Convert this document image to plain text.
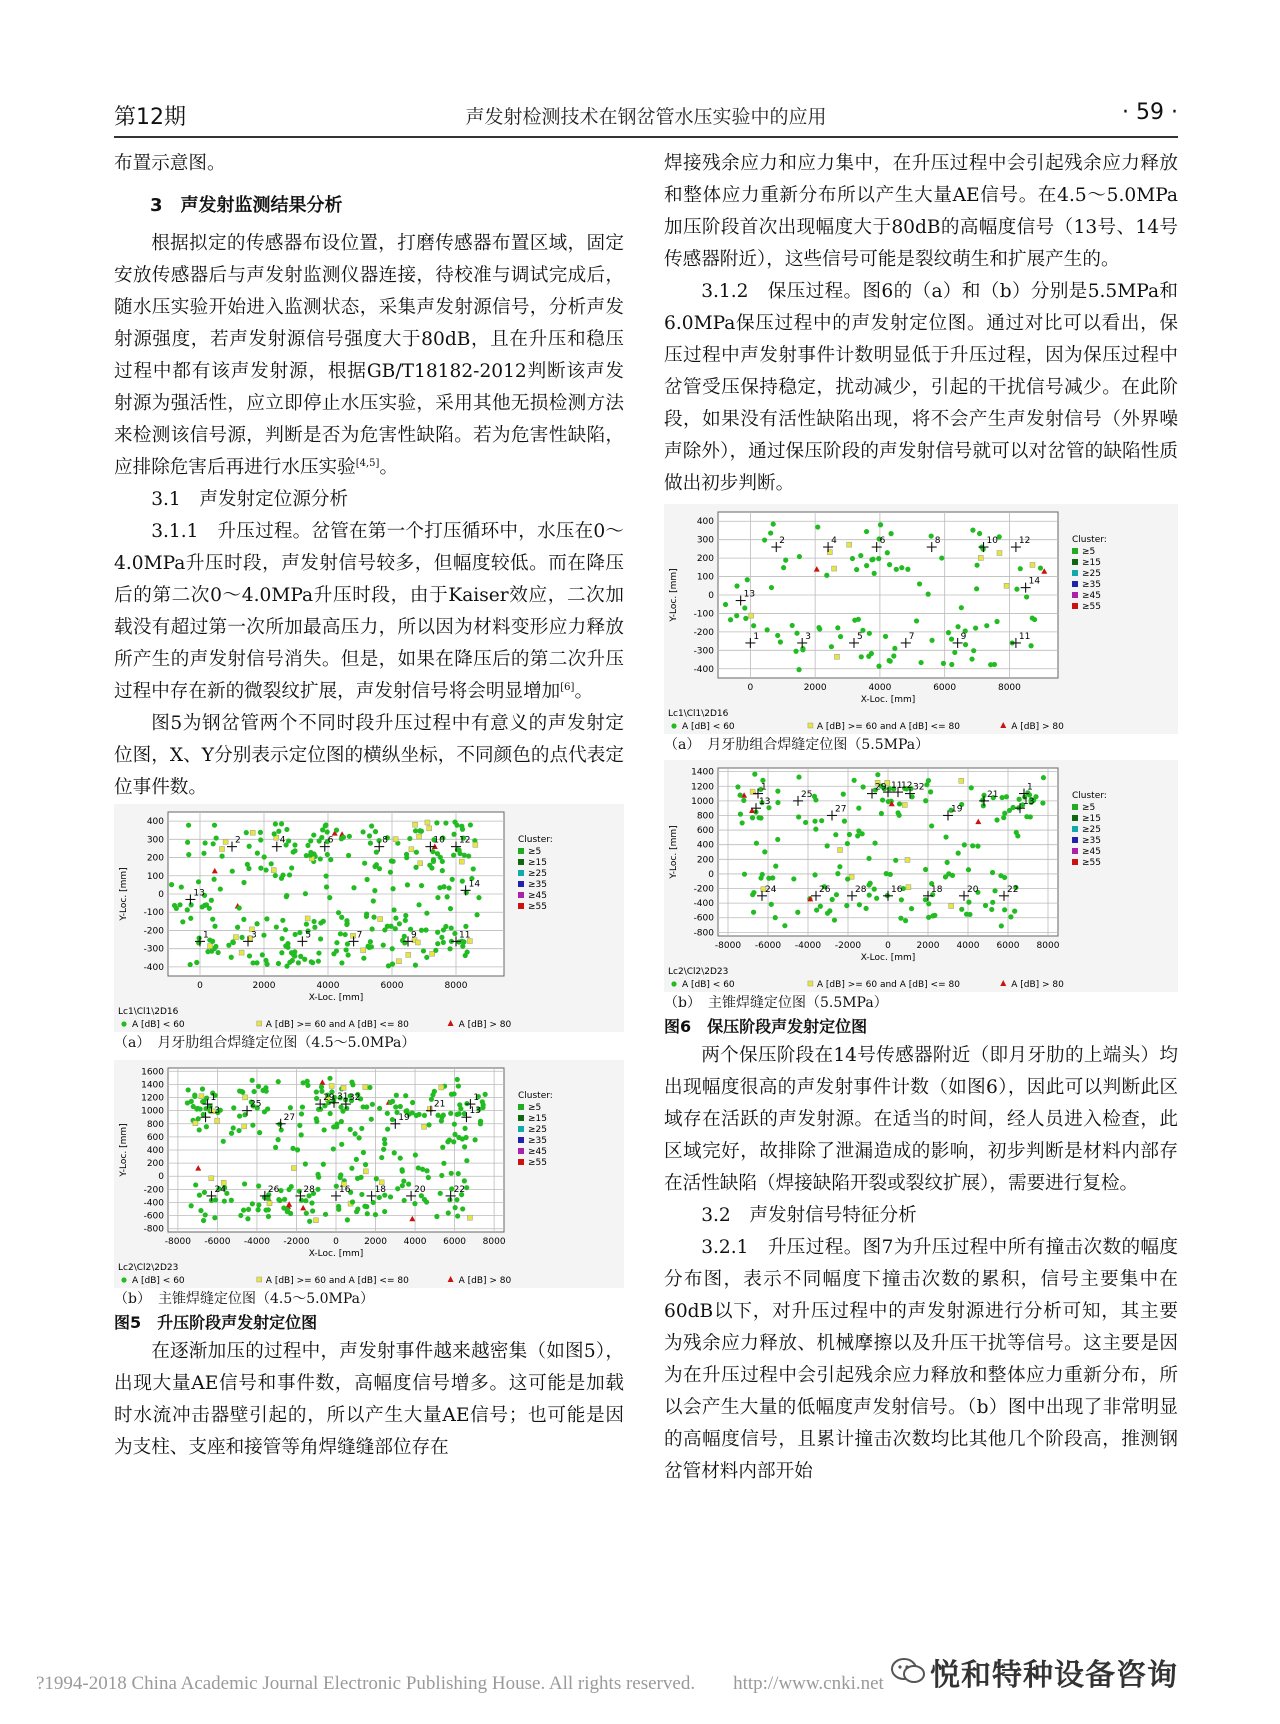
第12期	声发射检测技术在钢岔管水压实验中的应用	· 59 ·

布置示意图。

3　声发射监测结果分析

根据拟定的传感器布设位置，打磨传感器布置区域，固定安放传感器后与声发射监测仪器连接，待校准与调试完成后，随水压实验开始进入监测状态，采集声发射源信号，分析声发射源强度，若声发射源信号强度大于80dB，且在升压和稳压过程中都有该声发射源，根据GB/T18182-2012判断该声发射源为强活性，应立即停止水压实验，采用其他无损检测方法来检测该信号源，判断是否为危害性缺陷。若为危害性缺陷，应排除危害后再进行水压实验[4,5]。

3.1　声发射定位源分析

3.1.1　升压过程。岔管在第一个打压循环中，水压在0～4.0MPa升压时段，声发射信号较多，但幅度较低。而在降压后的第二次0～4.0MPa升压时段，由于Kaiser效应，二次加载没有超过第一次所加最高压力，所以因为材料变形应力释放所产生的声发射信号消失。但是，如果在降压后的第二次升压过程中存在新的微裂纹扩展，声发射信号将会明显增加[6]。

图5为钢岔管两个不同时段升压过程中有意义的声发射定位图，X、Y分别表示定位图的横纵坐标，不同颜色的点代表定位事件数。

0	2000	4000	6000	8000
400
300
200
100
0
-100
-200
-300
-400
X-Loc. [mm]
Y-Loc. [mm]
2	4	6	8	10 12
13
1	3	5	7	9	11
14
Cluster:
≥5
≥15
≥25
≥35
≥45
≥55
Lc1\Cl1\2D16
A [dB] < 60	A [dB] >= 60 and A [dB] <= 80	A [dB] > 80

（a）　月牙肋组合焊缝定位图（4.5～5.0MPa）

-8000 -6000 -4000 -2000	0	2000 4000 6000 8000
1600
1400
1200
1000
800
600
400
200
0
-200
-400
-600
-800
X-Loc. [mm]
Y-Loc. [mm]
1
13
25
27
29 31 32
19
21
13
1
24	26	28	16	18	20	22
Cluster:
≥5
≥15
≥25
≥35
≥45
≥55
Lc2\Cl2\2D23
A [dB] < 60	A [dB] >= 60 and A [dB] <= 80	A [dB] > 80

（b）　主锥焊缝定位图（4.5～5.0MPa）

图5　升压阶段声发射定位图

在逐渐加压的过程中，声发射事件越来越密集（如图5），出现大量AE信号和事件数，高幅度信号增多。这可能是加载时水流冲击器壁引起的，所以产生大量AE信号；也可能是因为支柱、支座和接管等角焊缝缝部位存在

焊接残余应力和应力集中，在升压过程中会引起残余应力释放和整体应力重新分布所以产生大量AE信号。在4.5～5.0MPa加压阶段首次出现幅度大于80dB的高幅度信号（13号、14号传感器附近），这些信号可能是裂纹萌生和扩展产生的。

3.1.2　保压过程。图6的（a）和（b）分别是5.5MPa和6.0MPa保压过程中的声发射定位图。通过对比可以看出，保压过程中声发射事件计数明显低于升压过程，因为保压过程中岔管受压保持稳定，扰动减少，引起的干扰信号减少。在此阶段，如果没有活性缺陷出现，将不会产生声发射信号（外界噪声除外），通过保压阶段的声发射信号就可以对岔管的缺陷性质做出初步判断。

0	2000	4000	6000	8000
400
300
200
100
0
-100
-200
-300
-400
X-Loc. [mm]
Y-Loc. [mm]
2	4	6	8	10 12
13
1	3	5	7	9	11
14
Cluster:
≥5
≥15
≥25
≥35
≥45
≥55
Lc1\Cl1\2D16
A [dB] < 60	A [dB] >= 60 and A [dB] <= 80	A [dB] > 80

（a）　月牙肋组合焊缝定位图（5.5MPa）

-8000 -6000 -4000 -2000	0	2000 4000 6000 8000
1400
1200
1000
800
600
400
200
0
-200
-400
-600
-800
X-Loc. [mm]
Y-Loc. [mm]
1
13
25
27
29 11
12 32
19
21
13
1
24	26	28	16	18	20	22
Cluster:
≥5
≥15
≥25
≥35
≥45
≥55
Lc2\Cl2\2D23
A [dB] < 60	A [dB] >= 60 and A [dB] <= 80	A [dB] > 80

（b）　主锥焊缝定位图（5.5MPa）

图6　保压阶段声发射定位图

两个保压阶段在14号传感器附近（即月牙肋的上端头）均出现幅度很高的声发射事件计数（如图6），因此可以判断此区域存在活跃的声发射源。在适当的时间，经人员进入检查，此区域完好，故排除了泄漏造成的影响，初步判断是材料内部存在活性缺陷（焊接缺陷开裂或裂纹扩展），需要进行复检。

3.2　声发射信号特征分析

3.2.1　升压过程。图7为升压过程中所有撞击次数的幅度分布图，表示不同幅度下撞击次数的累积，信号主要集中在60dB以下，对升压过程中的声发射源进行分析可知，其主要为残余应力释放、机械摩擦以及升压干扰等信号。这主要是因为在升压过程中会引起残余应力释放和整体应力重新分布，所以会产生大量的低幅度声发射信号。（b）图中出现了非常明显的高幅度信号，且累计撞击次数均比其他几个阶段高，推测钢岔管材料内部开始

?1994-2018 China Academic Journal Electronic Publishing House. All rights reserved.　　http://www.cnki.net 悦和特种设备咨询
